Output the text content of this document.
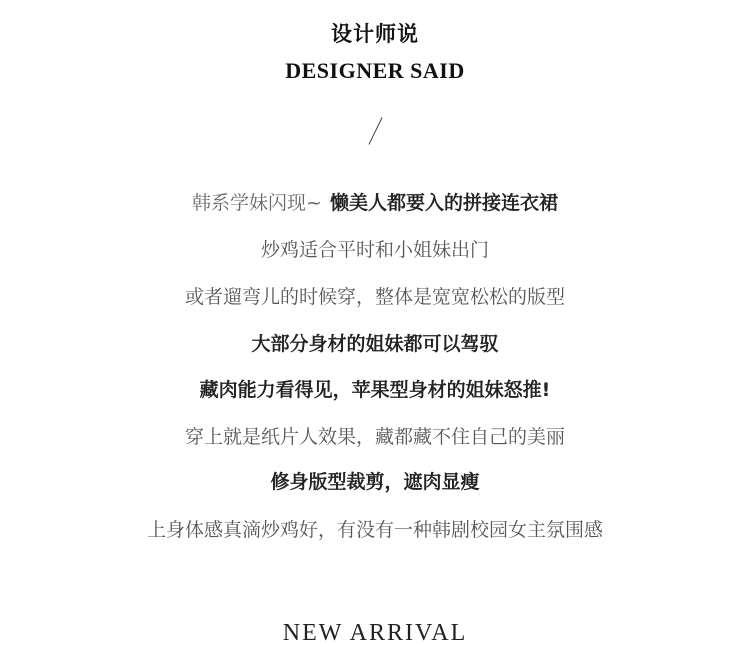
设计师说
DESIGNER SAID
韩系学妹闪现~ 懒美人都要入的拼接连衣裙
炒鸡适合平时和小姐妹出门
或者遛弯儿的时候穿，整体是宽宽松松的版型
大部分身材的姐妹都可以驾驭
藏肉能力看得见，苹果型身材的姐妹怒推!
穿上就是纸片人效果，藏都藏不住自己的美丽
修身版型裁剪，遮肉显瘦
上身体感真滴炒鸡好，有没有一种韩剧校园女主氛围感
NEW ARRIVAL
